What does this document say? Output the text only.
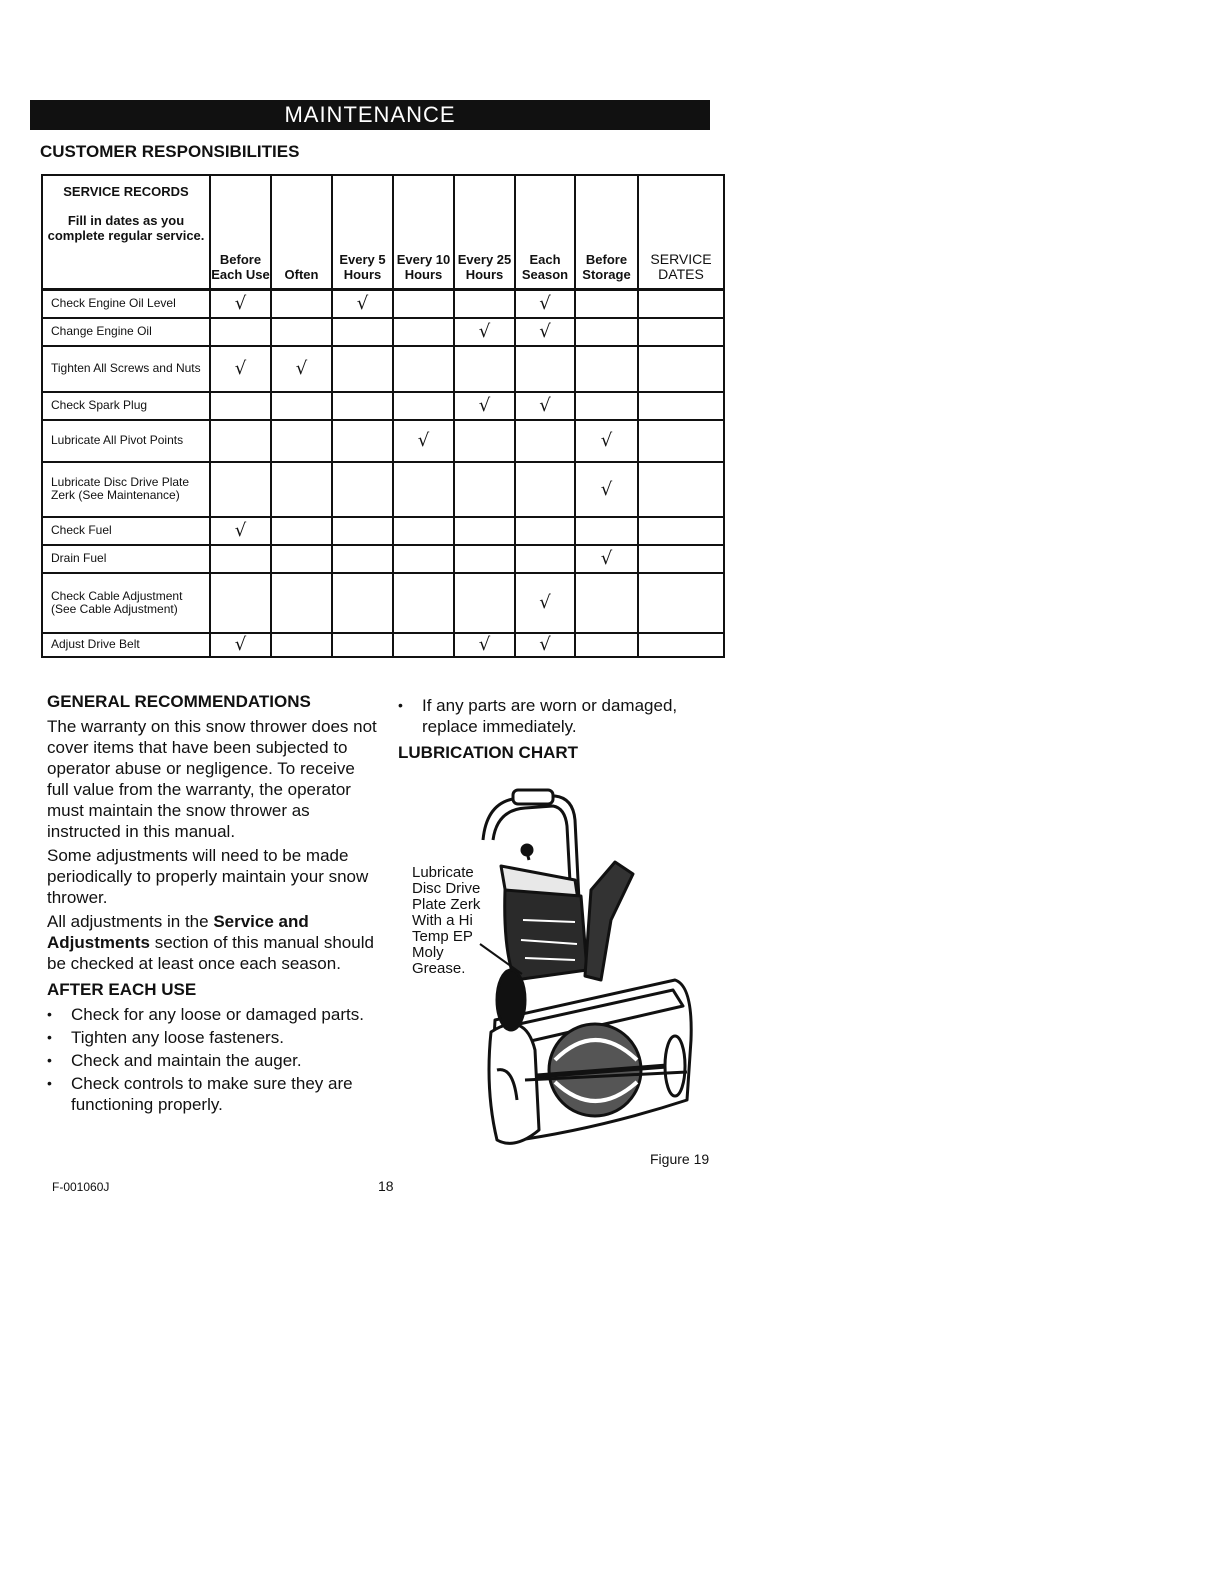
MAINTENANCE
CUSTOMER RESPONSIBILITIES
SERVICE RECORDS
Fill in dates as you complete regular service.	Before Each Use	Often	Every 5 Hours	Every 10 Hours	Every 25 Hours	Each Season	Before Storage	SERVICE DATES
Check Engine Oil Level	√		√			√		
Change Engine Oil					√	√		
Tighten All Screws and Nuts	√	√						
Check Spark Plug					√	√		
Lubricate All Pivot Points				√			√	
Lubricate Disc Drive Plate Zerk (See Maintenance)							√	
Check Fuel	√							
Drain Fuel							√	
Check Cable Adjustment (See Cable Adjustment)						√		
Adjust Drive Belt	√				√	√		
GENERAL RECOMMENDATIONS

The warranty on this snow thrower does not cover items that have been subjected to operator abuse or negligence. To receive full value from the warranty, the operator must maintain the snow thrower as instructed in this manual.

Some adjustments will need to be made periodically to properly maintain your snow thrower.

All adjustments in the Service and Adjustments section of this manual should be checked at least once each season.

AFTER EACH USE
• Check for any loose or damaged parts.
• Tighten any loose fasteners.
• Check and maintain the auger.
• Check controls to make sure they are functioning properly.
• If any parts are worn or damaged, replace immediately.
LUBRICATION CHART
Lubricate Disc Drive Plate Zerk With a Hi Temp EP Moly Grease.
Figure 19
F-001060J	18
